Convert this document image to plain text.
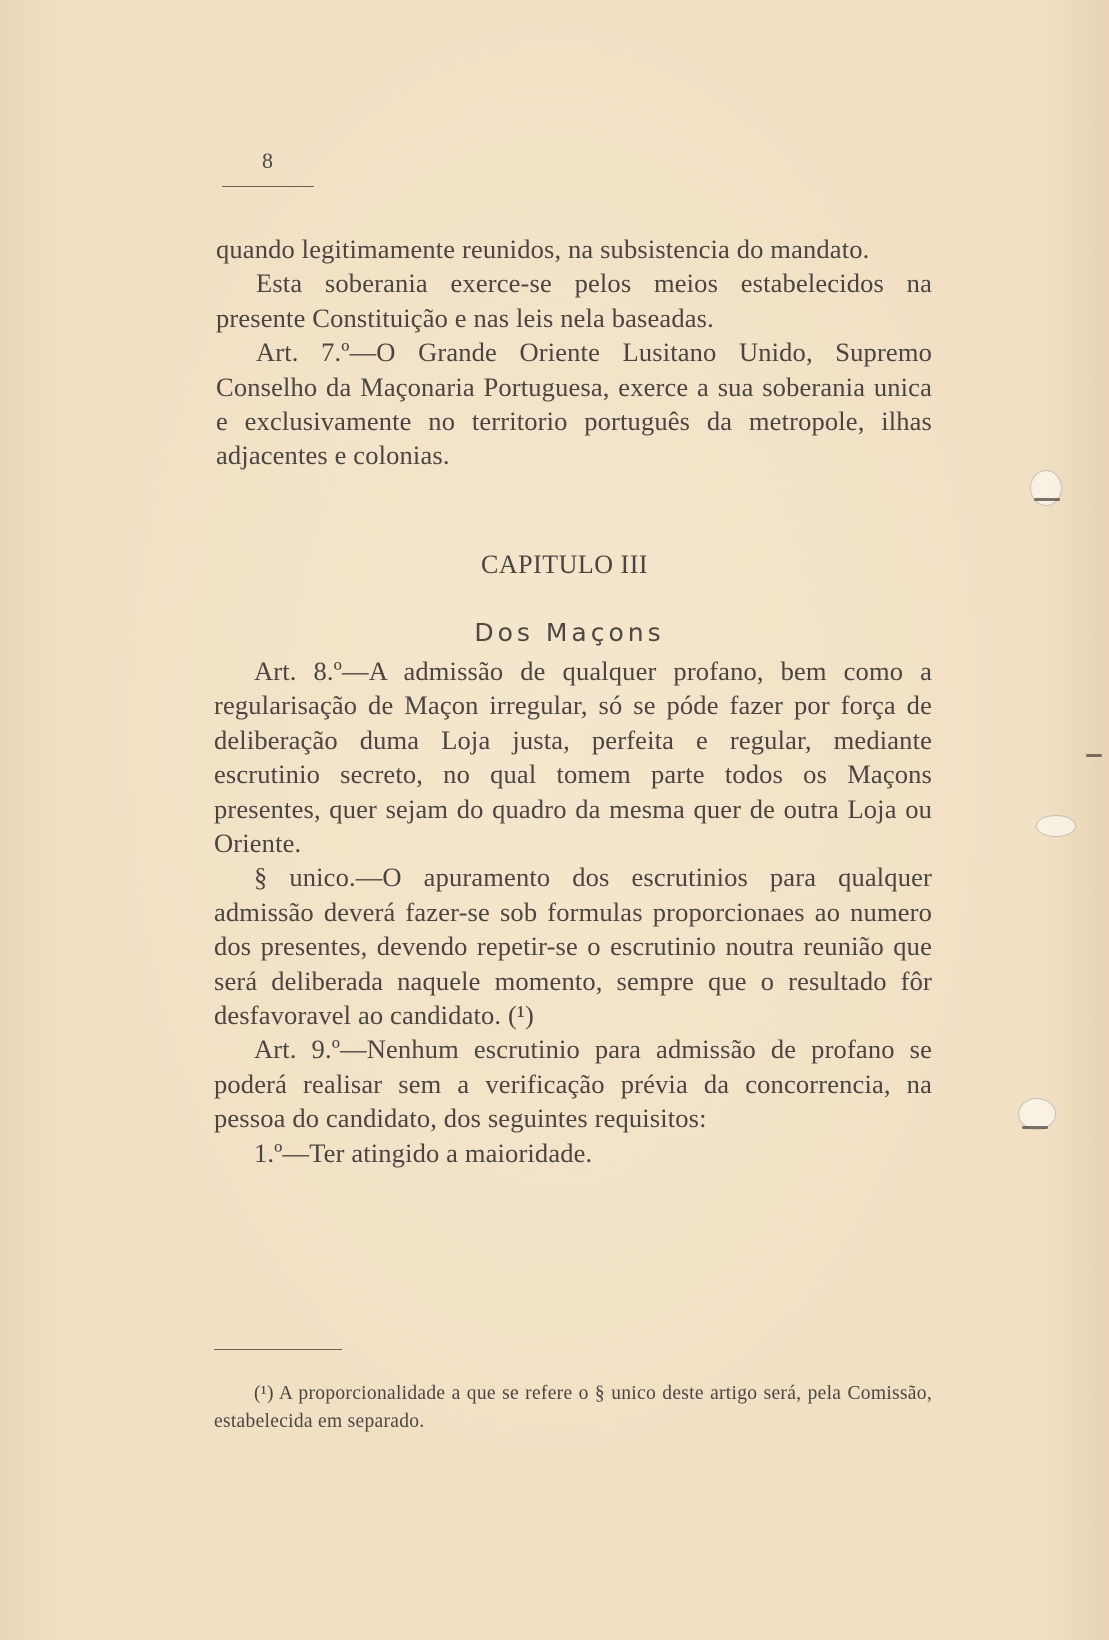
8

quando legitimamente reunidos, na subsistencia do mandato.

Esta soberania exerce-se pelos meios estabelecidos na presente Constituição e nas leis nela baseadas.

Art. 7.º—O Grande Oriente Lusitano Unido, Supremo Conselho da Maçonaria Portuguesa, exerce a sua soberania unica e exclusivamente no territorio português da metropole, ilhas adjacentes e colonias.

CAPITULO III
Dos Maçons

Art. 8.º—A admissão de qualquer profano, bem como a regularisação de Maçon irregular, só se póde fazer por força de deliberação duma Loja justa, perfeita e regular, mediante escrutinio secreto, no qual tomem parte todos os Maçons presentes, quer sejam do quadro da mesma quer de outra Loja ou Oriente.

§ unico.—O apuramento dos escrutinios para qualquer admissão deverá fazer-se sob formulas proporcionaes ao numero dos presentes, devendo repetir-se o escrutinio noutra reunião que será deliberada naquele momento, sempre que o resultado fôr desfavoravel ao candidato. (¹)

Art. 9.º—Nenhum escrutinio para admissão de profano se poderá realisar sem a verificação prévia da concorrencia, na pessoa do candidato, dos seguintes requisitos:

1.º—Ter atingido a maioridade.

(¹) A proporcionalidade a que se refere o § unico deste artigo será, pela Comissão, estabelecida em separado.
